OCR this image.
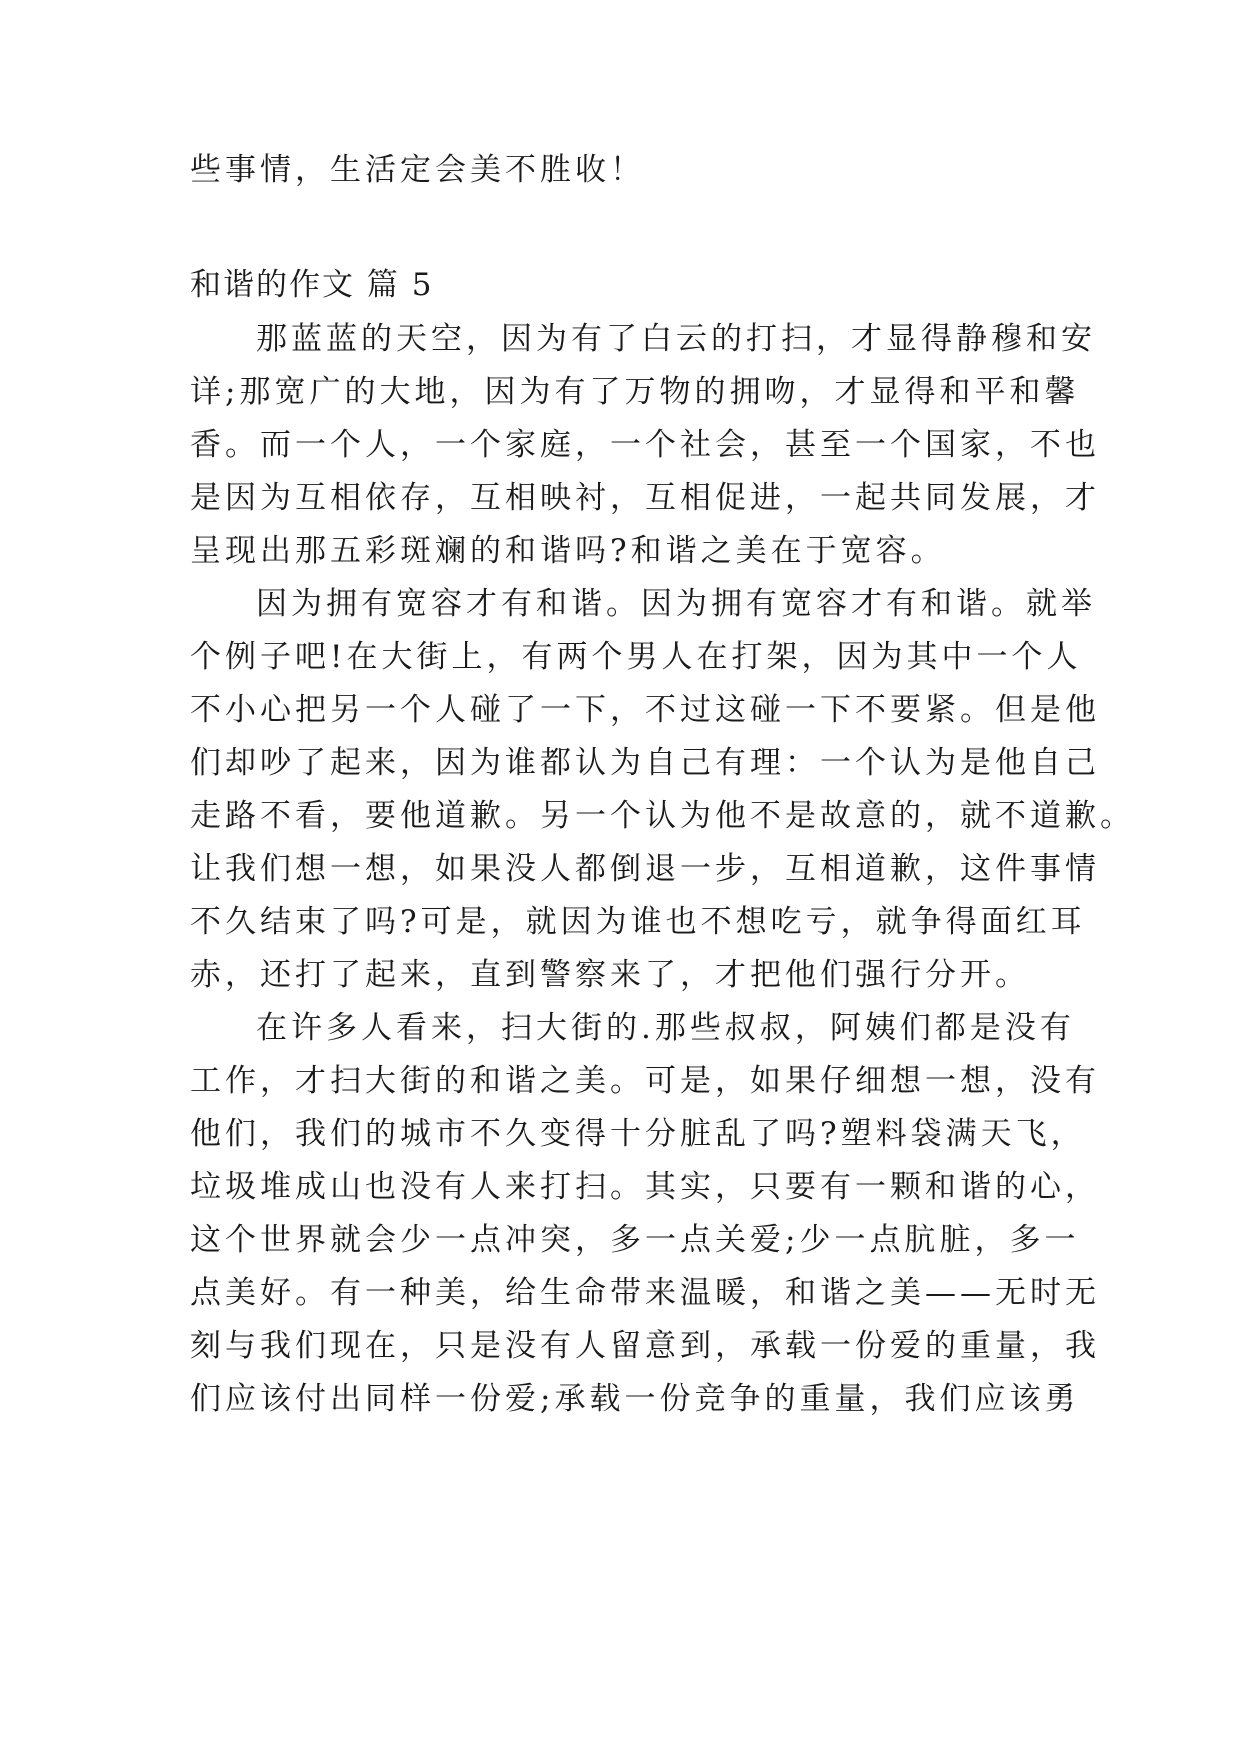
些事情，生活定会美不胜收！
和谐的作文 篇 5
那蓝蓝的天空，因为有了白云的打扫，才显得静穆和安
详;那宽广的大地，因为有了万物的拥吻，才显得和平和馨
香。而一个人，一个家庭，一个社会，甚至一个国家，不也
是因为互相依存，互相映衬，互相促进，一起共同发展，才
呈现出那五彩斑斓的和谐吗?和谐之美在于宽容。
因为拥有宽容才有和谐。因为拥有宽容才有和谐。就举
个例子吧!在大街上，有两个男人在打架，因为其中一个人
不小心把另一个人碰了一下，不过这碰一下不要紧。但是他
们却吵了起来，因为谁都认为自己有理：一个认为是他自己
走路不看，要他道歉。另一个认为他不是故意的，就不道歉。
让我们想一想，如果没人都倒退一步，互相道歉，这件事情
不久结束了吗?可是，就因为谁也不想吃亏，就争得面红耳
赤，还打了起来，直到警察来了，才把他们强行分开。
在许多人看来，扫大街的.那些叔叔，阿姨们都是没有
工作，才扫大街的和谐之美。可是，如果仔细想一想，没有
他们，我们的城市不久变得十分脏乱了吗?塑料袋满天飞，
垃圾堆成山也没有人来打扫。其实，只要有一颗和谐的心，
这个世界就会少一点冲突，多一点关爱;少一点肮脏，多一
点美好。有一种美，给生命带来温暖，和谐之美——无时无
刻与我们现在，只是没有人留意到，承载一份爱的重量，我
们应该付出同样一份爱;承载一份竞争的重量，我们应该勇
